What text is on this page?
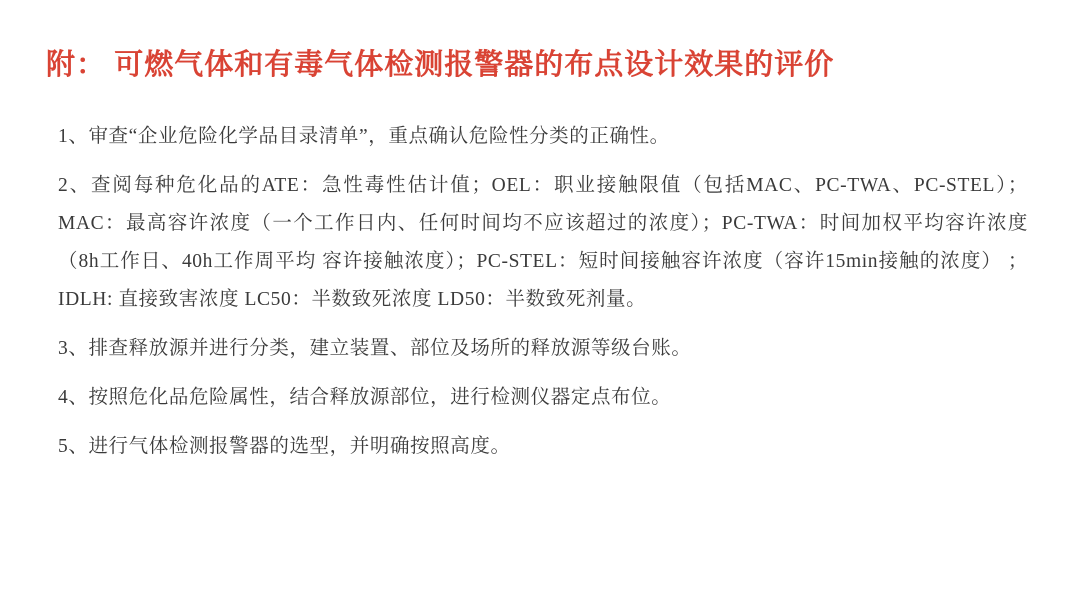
附： 可燃气体和有毒气体检测报警器的布点设计效果的评价

1、审查“企业危险化学品目录清单”，重点确认危险性分类的正确性。

2、查阅每种危化品的ATE：急性毒性估计值；OEL：职业接触限值（包括MAC、PC-TWA、PC-STEL）； MAC：最高容许浓度（一个工作日内、任何时间均不应该超过的浓度）；PC-TWA：时间加权平均容许浓度（8h工作日、40h工作周平均 容许接触浓度）；PC-STEL：短时间接触容许浓度（容许15min接触的浓度） ；IDLH: 直接致害浓度 LC50：半数致死浓度 LD50：半数致死剂量。

3、排查释放源并进行分类，建立装置、部位及场所的释放源等级台账。

4、按照危化品危险属性，结合释放源部位，进行检测仪器定点布位。

5、进行气体检测报警器的选型，并明确按照高度。
